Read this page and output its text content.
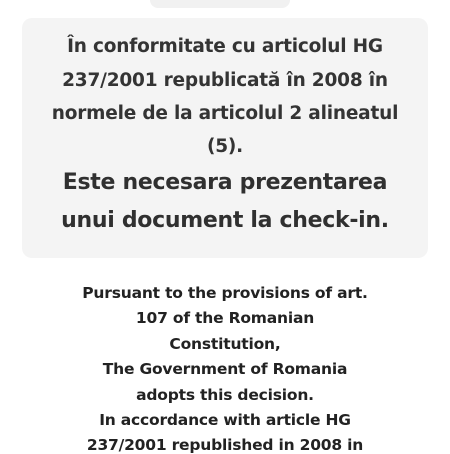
În conformitate cu articolul HG
237/2001 republicată în 2008 în
normele de la articolul 2 alineatul
(5).
Este necesara prezentarea
unui document la check-in.
Pursuant to the provisions of art.
107 of the Romanian
Constitution,
The Government of Romania
adopts this decision.
In accordance with article HG
237/2001 republished in 2008 in
